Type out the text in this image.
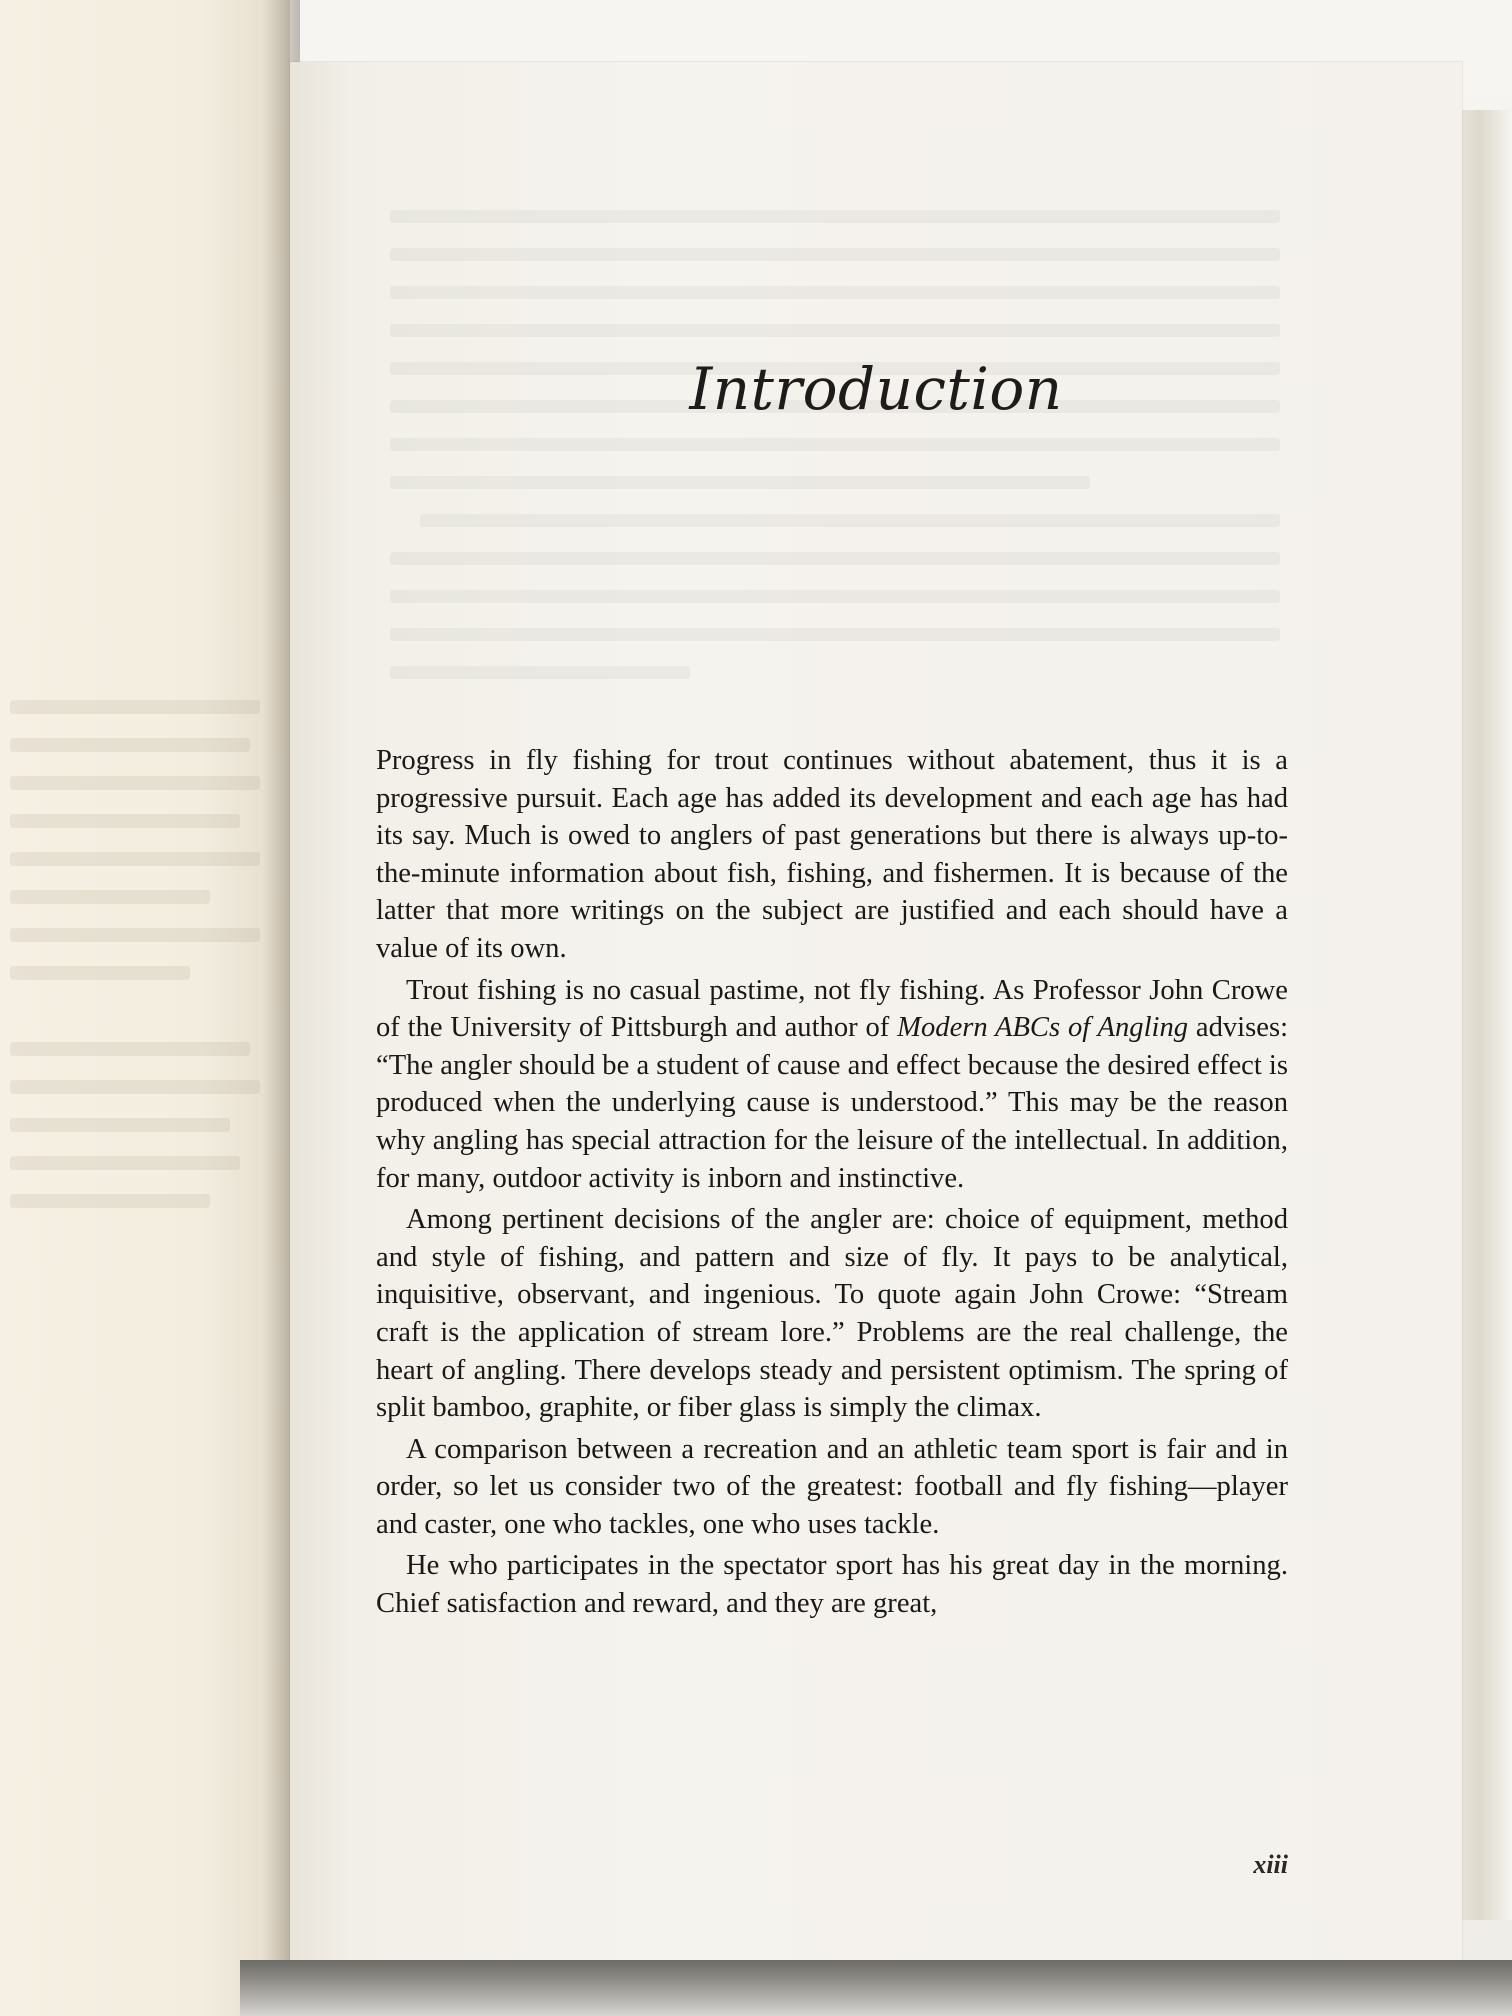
Introduction

Progress in fly fishing for trout continues without abatement, thus it is a progressive pursuit. Each age has added its development and each age has had its say. Much is owed to anglers of past generations but there is always up-to-the-minute information about fish, fishing, and fishermen. It is because of the latter that more writings on the subject are justified and each should have a value of its own.

Trout fishing is no casual pastime, not fly fishing. As Professor John Crowe of the University of Pittsburgh and author of Modern ABCs of Angling advises: “The angler should be a student of cause and effect because the desired effect is produced when the underlying cause is understood.” This may be the reason why angling has special attraction for the leisure of the intellectual. In addition, for many, outdoor activity is inborn and instinctive.

Among pertinent decisions of the angler are: choice of equipment, method and style of fishing, and pattern and size of fly. It pays to be analytical, inquisitive, observant, and ingenious. To quote again John Crowe: “Stream craft is the application of stream lore.” Problems are the real challenge, the heart of angling. There develops steady and persistent optimism. The spring of split bamboo, graphite, or fiber glass is simply the climax.

A comparison between a recreation and an athletic team sport is fair and in order, so let us consider two of the greatest: football and fly fishing—player and caster, one who tackles, one who uses tackle.

He who participates in the spectator sport has his great day in the morning. Chief satisfaction and reward, and they are great,

xiii
